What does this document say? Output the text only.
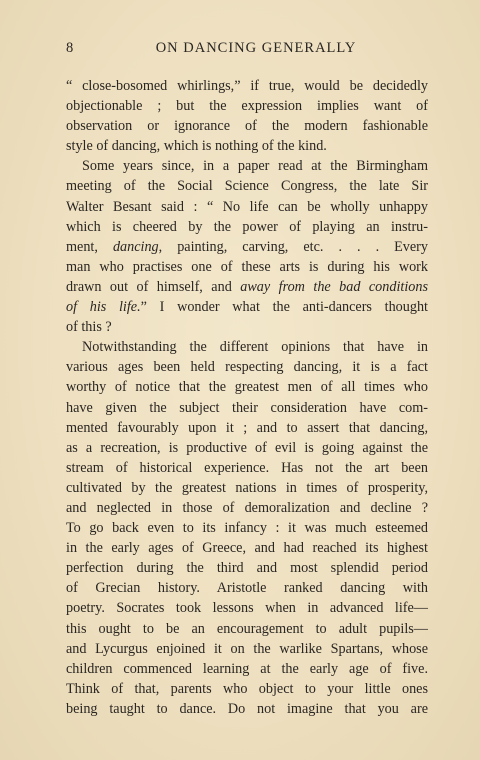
8	ON DANCING GENERALLY

“ close-bosomed whirlings,” if true, would be decidedly
objectionable ; but the expression implies want of
observation or ignorance of the modern fashionable
style of dancing, which is nothing of the kind.

Some years since, in a paper read at the Birmingham
meeting of the Social Science Congress, the late Sir
Walter Besant said : “ No life can be wholly unhappy
which is cheered by the power of playing an instru-
ment, dancing, painting, carving, etc. . . . Every
man who practises one of these arts is during his work
drawn out of himself, and away from the bad conditions
of his life.” I wonder what the anti-dancers thought
of this ?

Notwithstanding the different opinions that have in
various ages been held respecting dancing, it is a fact
worthy of notice that the greatest men of all times who
have given the subject their consideration have com-
mented favourably upon it ; and to assert that dancing,
as a recreation, is productive of evil is going against the
stream of historical experience. Has not the art been
cultivated by the greatest nations in times of prosperity,
and neglected in those of demoralization and decline ?
To go back even to its infancy : it was much esteemed
in the early ages of Greece, and had reached its highest
perfection during the third and most splendid period
of Grecian history. Aristotle ranked dancing with
poetry. Socrates took lessons when in advanced life—
this ought to be an encouragement to adult pupils—
and Lycurgus enjoined it on the warlike Spartans, whose
children commenced learning at the early age of five.
Think of that, parents who object to your little ones
being taught to dance. Do not imagine that you are
